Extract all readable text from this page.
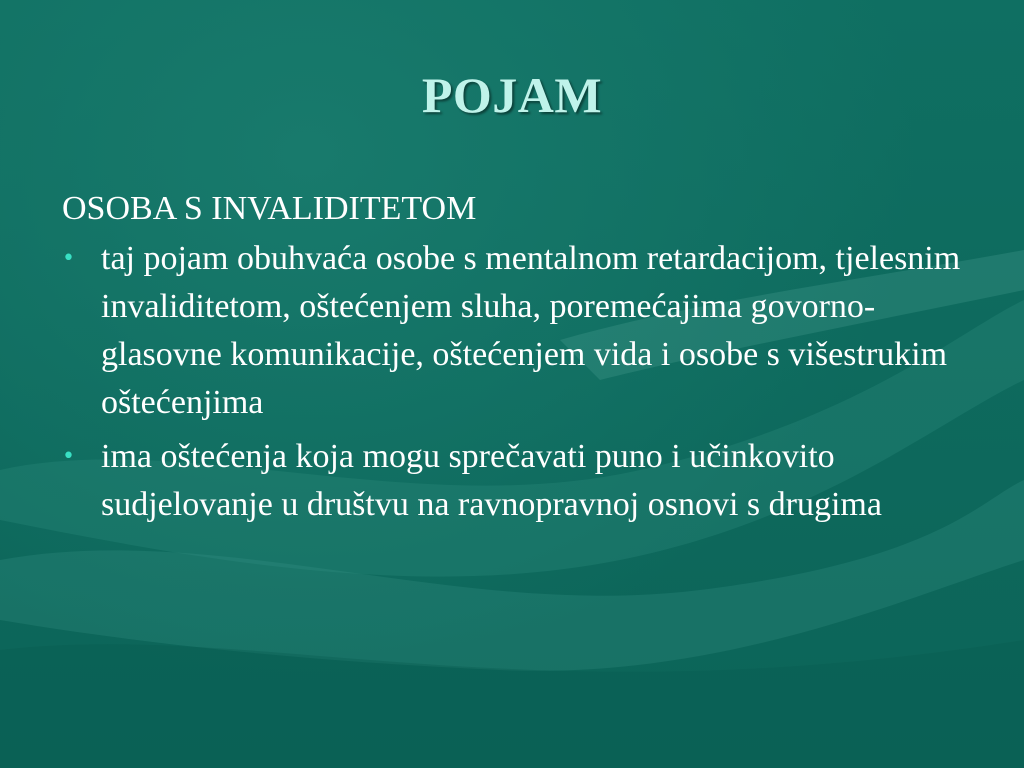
POJAM
OSOBA S INVALIDITETOM
• taj pojam obuhvaća osobe s mentalnom retardacijom, tjelesnim invaliditetom, oštećenjem sluha, poremećajima govorno-glasovne komunikacije, oštećenjem vida i osobe s višestrukim oštećenjima
• ima oštećenja koja mogu sprečavati puno i učinkovito sudjelovanje u društvu na ravnopravnoj osnovi s drugima
